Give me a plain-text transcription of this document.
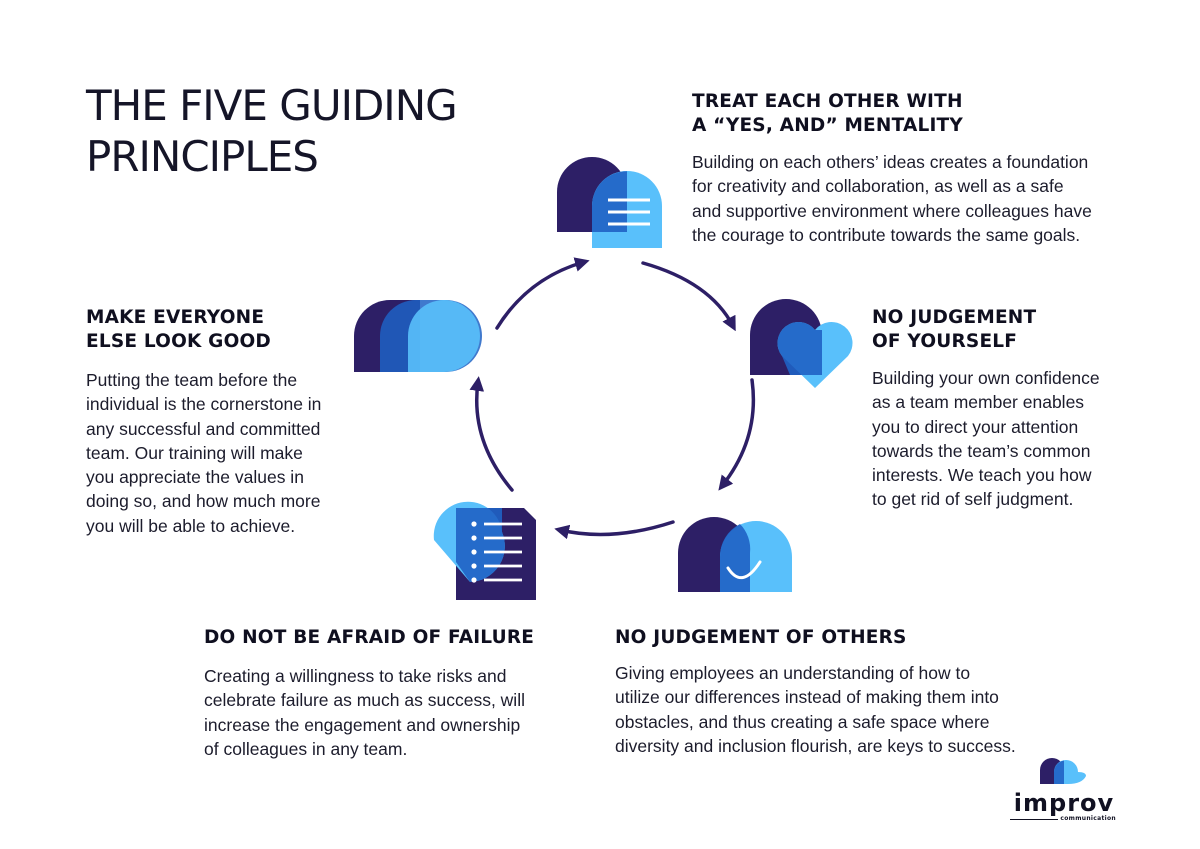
THE FIVE GUIDING
PRINCIPLES
TREAT EACH OTHER WITH
A “YES, AND” MENTALITY

Building on each others’ ideas creates a foundation
for creativity and collaboration, as well as a safe
and supportive environment where colleagues have
the courage to contribute towards the same goals.

NO JUDGEMENT
OF YOURSELF

Building your own confidence
as a team member enables
you to direct your attention
towards the team’s common
interests. We teach you how
to get rid of self judgment.

NO JUDGEMENT OF OTHERS

Giving employees an understanding of how to
utilize our differences instead of making them into
obstacles, and thus creating a safe space where
diversity and inclusion flourish, are keys to success.

DO NOT BE AFRAID OF FAILURE

Creating a willingness to take risks and
celebrate failure as much as success, will
increase the engagement and ownership
of colleagues in any team.

MAKE EVERYONE
ELSE LOOK GOOD

Putting the team before the
individual is the cornerstone in
any successful and committed
team. Our training will make
you appreciate the values in
doing so, and how much more
you will be able to achieve.

improv
communication
